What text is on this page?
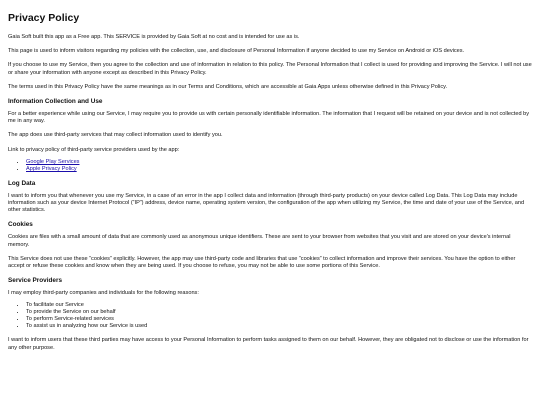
Privacy Policy

Gaia Soft built this app as a Free app. This SERVICE is provided by Gaia Soft at no cost and is intended for use as is.

This page is used to inform visitors regarding my policies with the collection, use, and disclosure of Personal Information if anyone decided to use my Service on Android or iOS devices.

If you choose to use my Service, then you agree to the collection and use of information in relation to this policy. The Personal Information that I collect is used for providing and improving the Service. I will not use or share your information with anyone except as described in this Privacy Policy.

The terms used in this Privacy Policy have the same meanings as in our Terms and Conditions, which are accessible at Gaia Apps unless otherwise defined in this Privacy Policy.

Information Collection and Use

For a better experience while using our Service, I may require you to provide us with certain personally identifiable information. The information that I request will be retained on your device and is not collected by me in any way.

The app does use third-party services that may collect information used to identify you.

Link to privacy policy of third-party service providers used by the app:

• Google Play Services
• Apple Privacy Policy
Log Data

I want to inform you that whenever you use my Service, in a case of an error in the app I collect data and information (through third-party products) on your device called Log Data. This Log Data may include information such as your device Internet Protocol (“IP”) address, device name, operating system version, the configuration of the app when utilizing my Service, the time and date of your use of the Service, and other statistics.

Cookies

Cookies are files with a small amount of data that are commonly used as anonymous unique identifiers. These are sent to your browser from websites that you visit and are stored on your device's internal memory.

This Service does not use these “cookies” explicitly. However, the app may use third-party code and libraries that use “cookies” to collect information and improve their services. You have the option to either accept or refuse these cookies and know when they are being used. If you choose to refuse, you may not be able to use some portions of this Service.

Service Providers

I may employ third-party companies and individuals for the following reasons:

• To facilitate our Service
• To provide the Service on our behalf
• To perform Service-related services
• To assist us in analyzing how our Service is used

I want to inform users that these third parties may have access to your Personal Information to perform tasks assigned to them on our behalf. However, they are obligated not to disclose or use the information for any other purpose.
